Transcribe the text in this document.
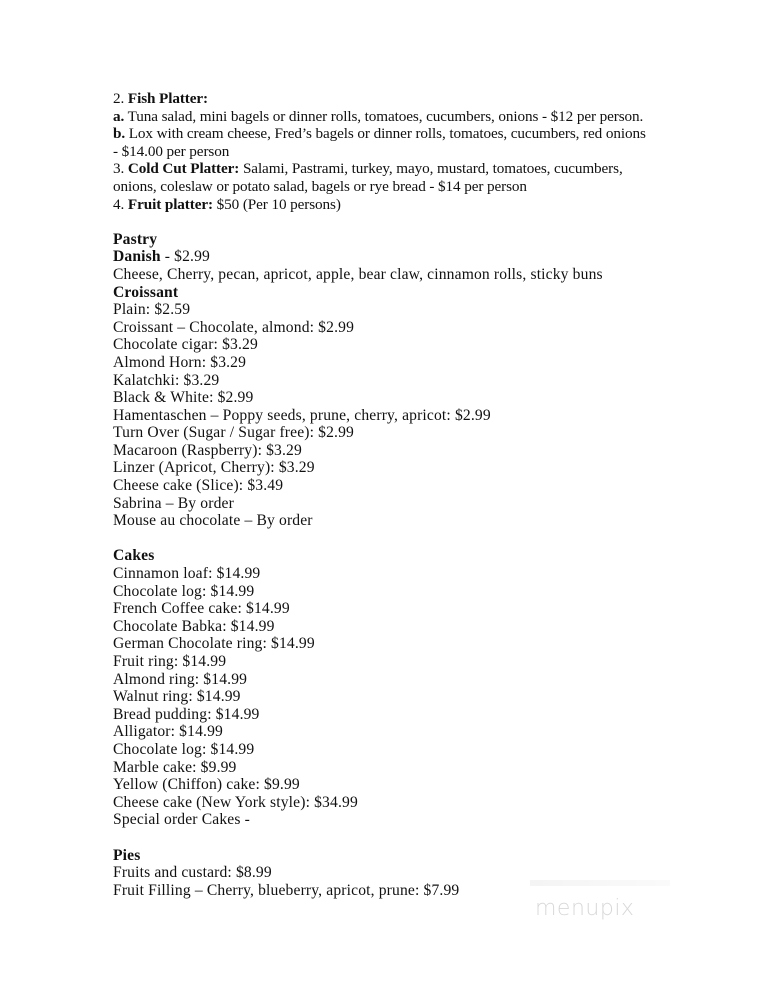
2. Fish Platter:
a. Tuna salad, mini bagels or dinner rolls, tomatoes, cucumbers, onions - $12 per person.
b. Lox with cream cheese, Fred’s bagels or dinner rolls, tomatoes, cucumbers, red onions
- $14.00 per person
3. Cold Cut Platter: Salami, Pastrami, turkey, mayo, mustard, tomatoes, cucumbers,
onions, coleslaw or potato salad, bagels or rye bread - $14 per person
4. Fruit platter: $50 (Per 10 persons)
Pastry
Danish - $2.99
Cheese, Cherry, pecan, apricot, apple, bear claw, cinnamon rolls, sticky buns
Croissant
Plain: $2.59
Croissant – Chocolate, almond: $2.99
Chocolate cigar: $3.29
Almond Horn: $3.29
Kalatchki: $3.29
Black & White: $2.99
Hamentaschen – Poppy seeds, prune, cherry, apricot: $2.99
Turn Over (Sugar / Sugar free): $2.99
Macaroon (Raspberry): $3.29
Linzer (Apricot, Cherry): $3.29
Cheese cake (Slice): $3.49
Sabrina – By order
Mouse au chocolate – By order
Cakes
Cinnamon loaf: $14.99
Chocolate log: $14.99
French Coffee cake: $14.99
Chocolate Babka: $14.99
German Chocolate ring: $14.99
Fruit ring: $14.99
Almond ring: $14.99
Walnut ring: $14.99
Bread pudding: $14.99
Alligator: $14.99
Chocolate log: $14.99
Marble cake: $9.99
Yellow (Chiffon) cake: $9.99
Cheese cake (New York style): $34.99
Special order Cakes -
Pies
Fruits and custard: $8.99
Fruit Filling – Cherry, blueberry, apricot, prune: $7.99
menupix
